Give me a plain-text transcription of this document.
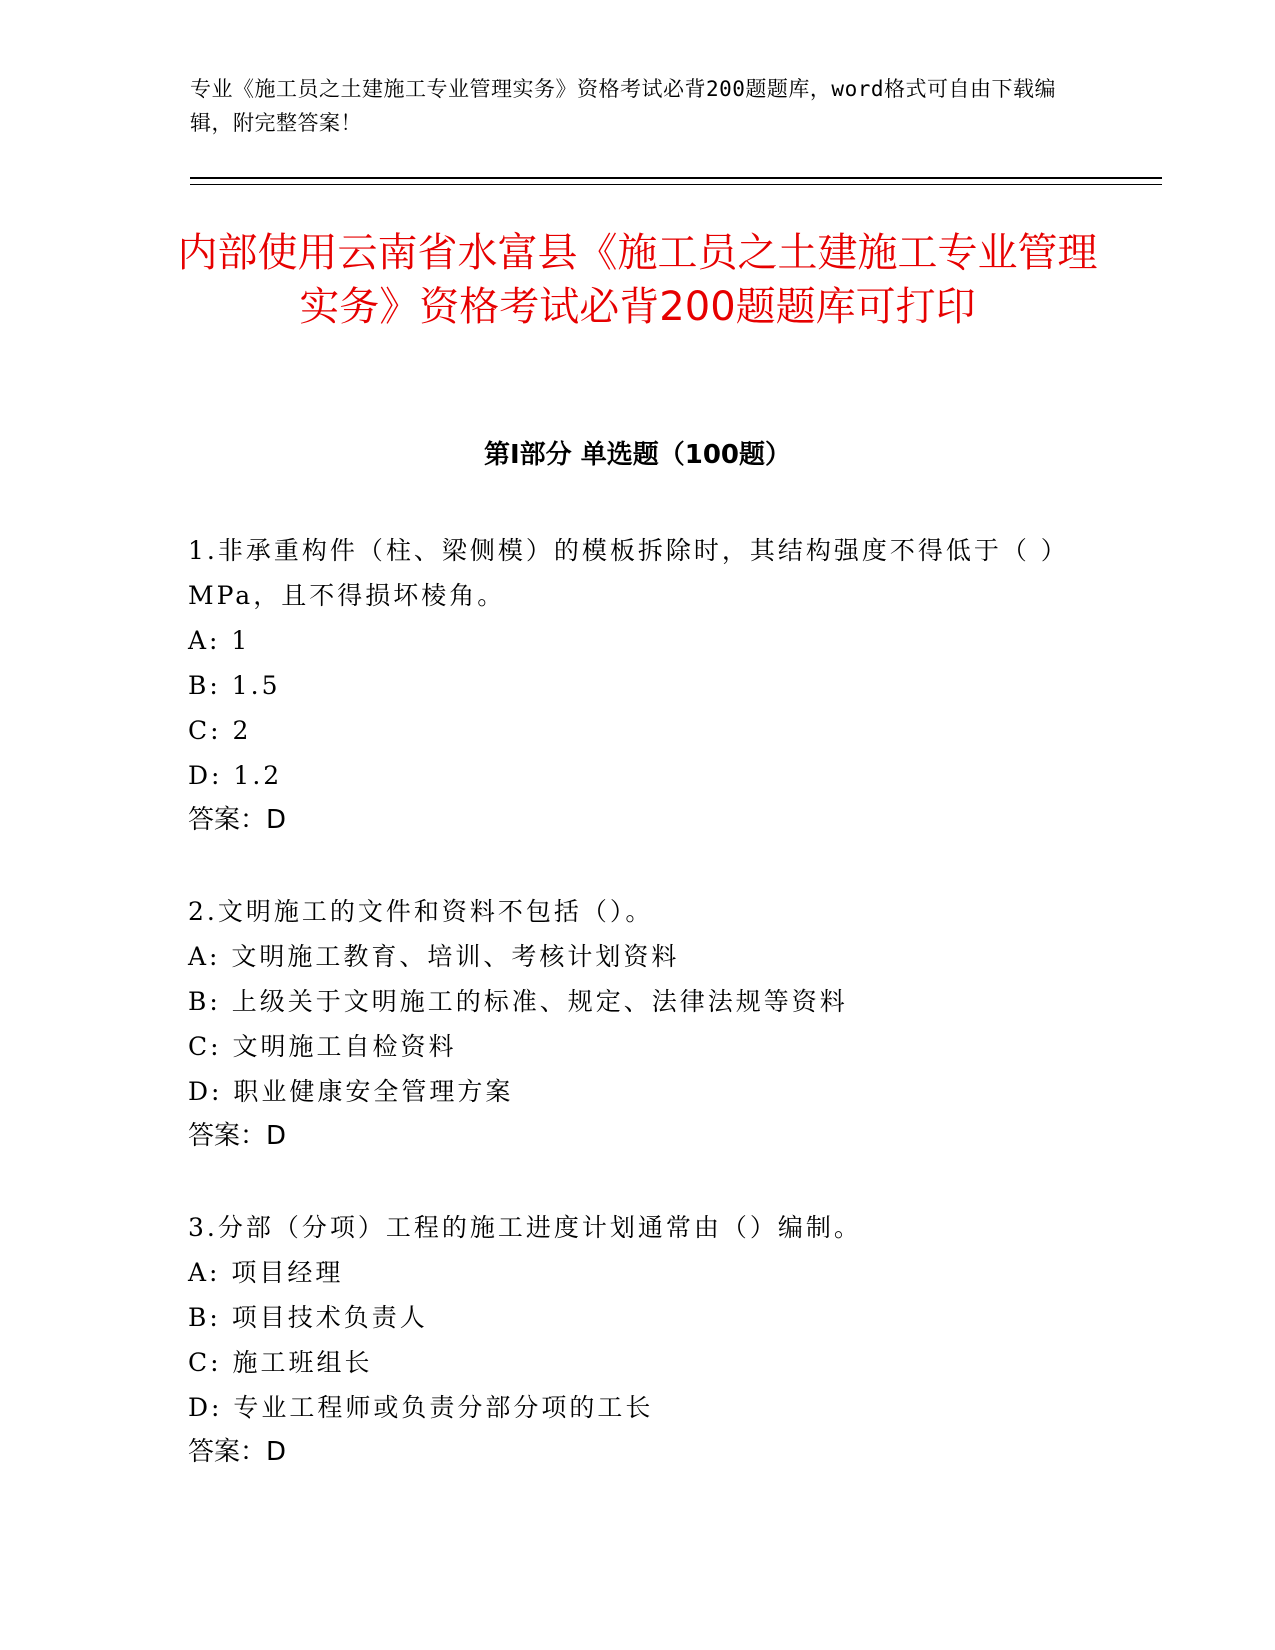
专业《施工员之土建施工专业管理实务》资格考试必背200题题库，word格式可自由下载编辑，附完整答案！
内部使用云南省水富县《施工员之土建施工专业管理实务》资格考试必背200题题库可打印
第I部分 单选题（100题）

1.非承重构件（柱、梁侧模）的模板拆除时，其结构强度不得低于（ ）MPa，且不得损坏棱角。

A: 1
B: 1.5
C: 2
D: 1.2
答案：D

2.文明施工的文件和资料不包括（）。

A: 文明施工教育、培训、考核计划资料
B: 上级关于文明施工的标准、规定、法律法规等资料
C: 文明施工自检资料
D: 职业健康安全管理方案
答案：D

3.分部（分项）工程的施工进度计划通常由（）编制。

A: 项目经理
B: 项目技术负责人
C: 施工班组长
D: 专业工程师或负责分部分项的工长
答案：D
